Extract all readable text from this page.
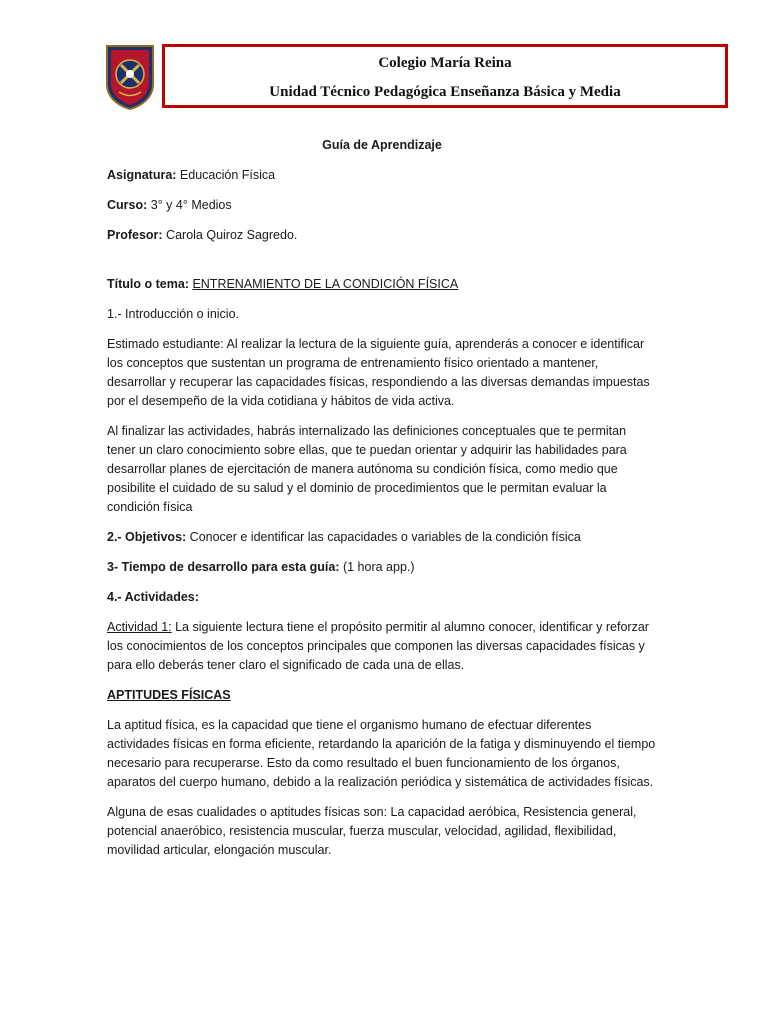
Colegio María Reina
Unidad Técnico Pedagógica Enseñanza Básica y Media
Guía de Aprendizaje
Asignatura: Educación Física
Curso: 3° y 4° Medios
Profesor: Carola Quiroz Sagredo.

Título o tema: ENTRENAMIENTO DE LA CONDICIÓN FÍSICA

1.- Introducción o inicio.

Estimado estudiante: Al realizar la lectura de la siguiente guía, aprenderás a conocer e identificar los conceptos que sustentan un programa de entrenamiento físico orientado a mantener, desarrollar y recuperar las capacidades físicas, respondiendo a las diversas demandas impuestas por el desempeño de la vida cotidiana y hábitos de vida activa.

Al finalizar las actividades, habrás internalizado las definiciones conceptuales que te permitan tener un claro conocimiento sobre ellas, que te puedan orientar y adquirir las habilidades para desarrollar planes de ejercitación de manera autónoma su condición física, como medio que posibilite el cuidado de su salud y el dominio de procedimientos que le permitan evaluar la condición física

2.- Objetivos: Conocer e identificar las capacidades o variables de la condición física

3- Tiempo de desarrollo para esta guía: (1 hora app.)

4.- Actividades:

Actividad 1: La siguiente lectura tiene el propósito permitir al alumno conocer, identificar y reforzar los conocimientos de los conceptos principales que componen las diversas capacidades físicas y para ello deberás tener claro el significado de cada una de ellas.

APTITUDES FÍSICAS

La aptitud física, es la capacidad que tiene el organismo humano de efectuar diferentes actividades físicas en forma eficiente, retardando la aparición de la fatiga y disminuyendo el tiempo necesario para recuperarse. Esto da como resultado el buen funcionamiento de los órganos, aparatos del cuerpo humano, debido a la realización periódica y sistemática de actividades físicas.

Alguna de esas cualidades o aptitudes físicas son: La capacidad aeróbica, Resistencia general, potencial anaeróbico, resistencia muscular, fuerza muscular, velocidad, agilidad, flexibilidad, movilidad articular, elongación muscular.
